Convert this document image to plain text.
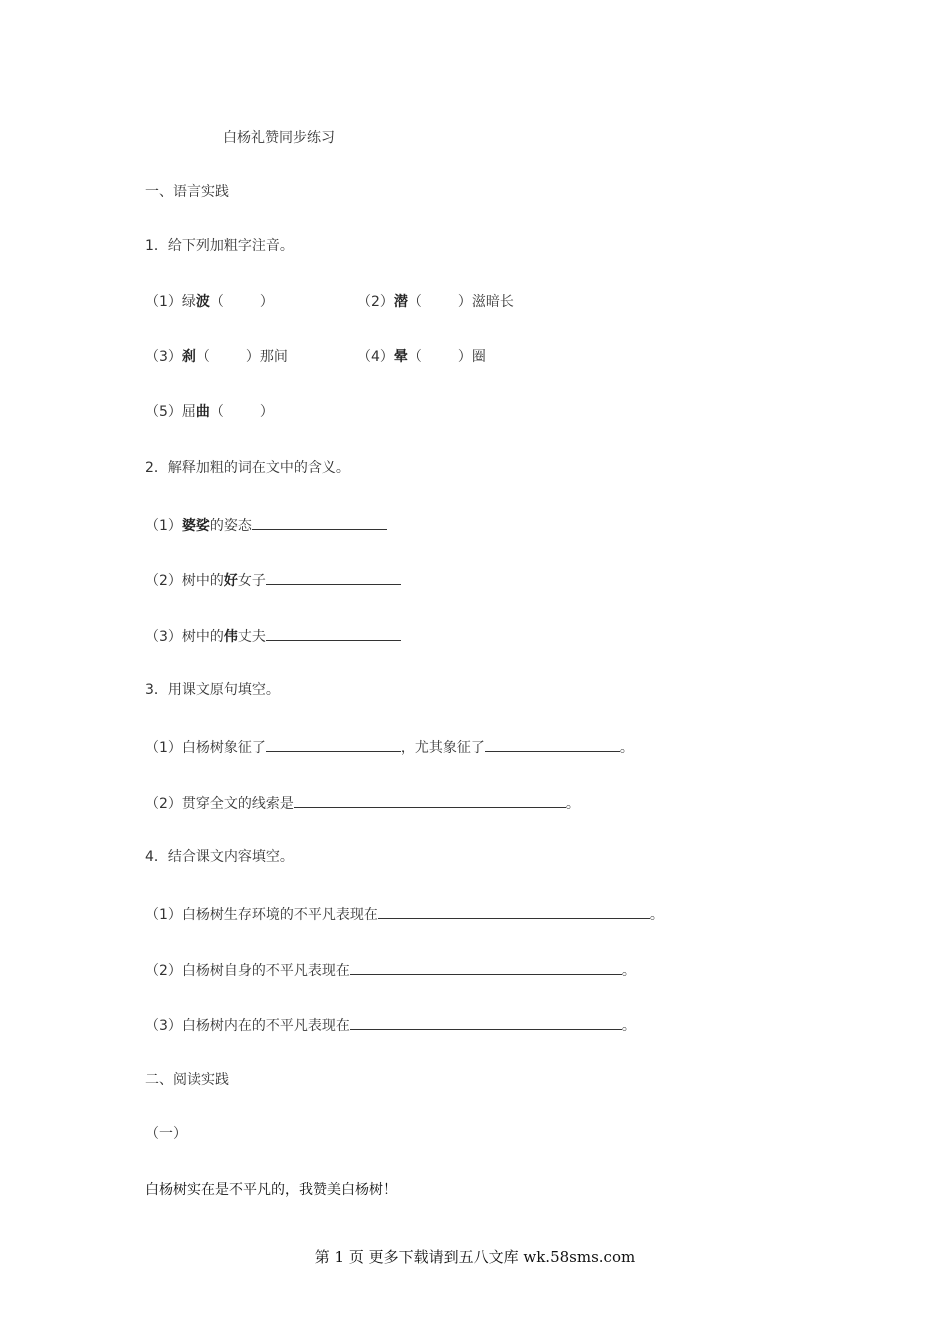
白杨礼赞同步练习
一、语言实践
1．给下列加粗字注音。
（1）绿波（	）	（2）潜（	）滋暗长
（3）刹（	）那间	（4）晕（	）圈
（5）屈曲（	）
2．解释加粗的词在文中的含义。
（1）婆娑的姿态
（2）树中的好女子
（3）树中的伟丈夫
3．用课文原句填空。
（1）白杨树象征了	，尤其象征了	。
（2）贯穿全文的线索是	。
4．结合课文内容填空。
（1）白杨树生存环境的不平凡表现在	。
（2）白杨树自身的不平凡表现在	。
（3）白杨树内在的不平凡表现在	。
二、阅读实践
（一）
白杨树实在是不平凡的，我赞美白杨树！
第 1 页 更多下载请到五八文库 wk.58sms.com
